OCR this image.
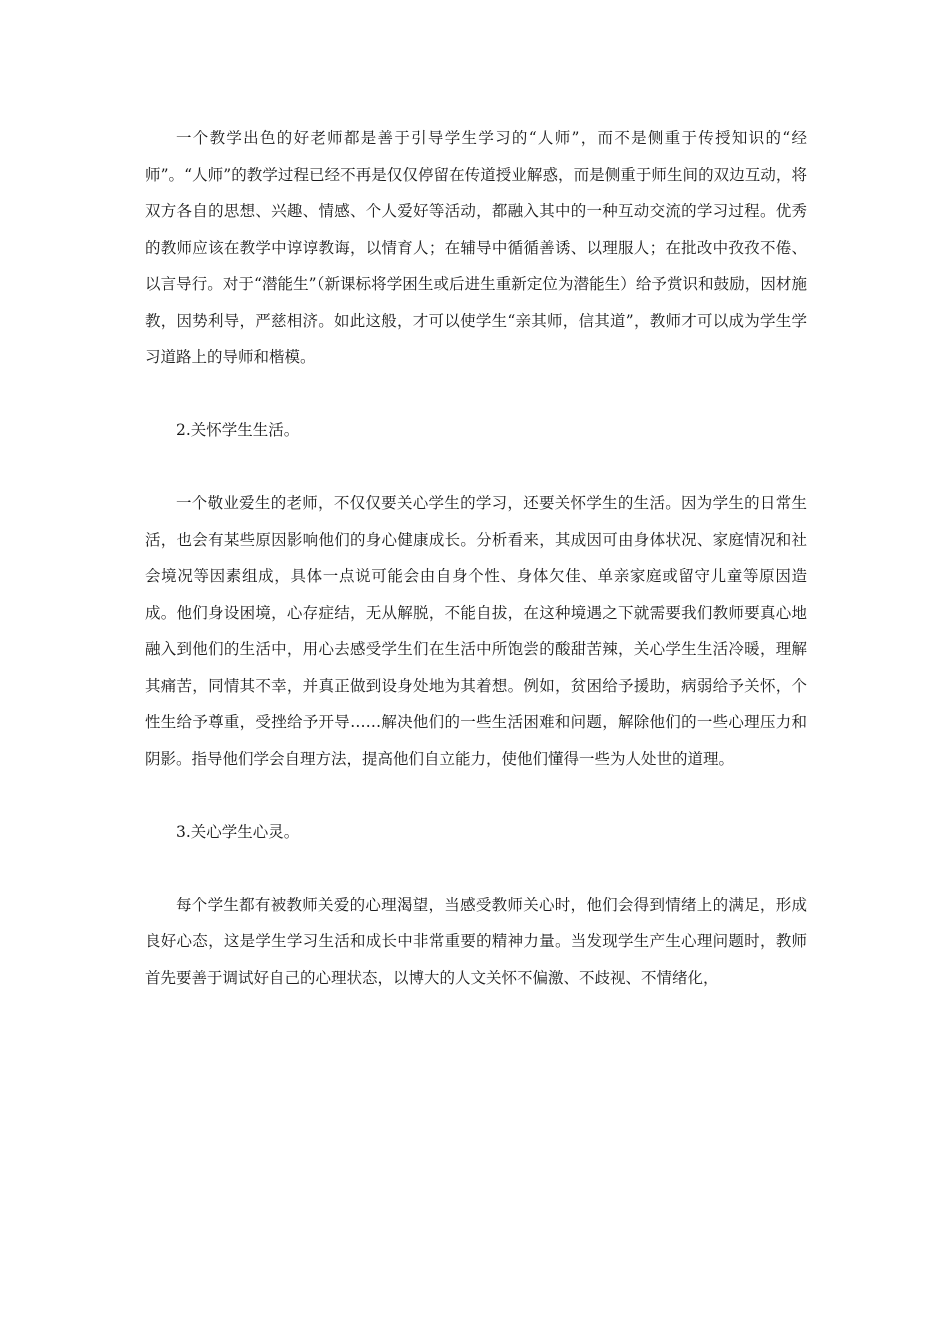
一个教学出色的好老师都是善于引导学生学习的“人师”，而不是侧重于传授知识的“经师”。“人师”的教学过程已经不再是仅仅停留在传道授业解惑，而是侧重于师生间的双边互动，将双方各自的思想、兴趣、情感、个人爱好等活动，都融入其中的一种互动交流的学习过程。优秀的教师应该在教学中谆谆教诲，以情育人；在辅导中循循善诱、以理服人；在批改中孜孜不倦、以言导行。对于“潜能生”（新课标将学困生或后进生重新定位为潜能生）给予赏识和鼓励，因材施教，因势利导，严慈相济。如此这般，才可以使学生“亲其师，信其道”，教师才可以成为学生学习道路上的导师和楷模。

2.关怀学生生活。

一个敬业爱生的老师，不仅仅要关心学生的学习，还要关怀学生的生活。因为学生的日常生活，也会有某些原因影响他们的身心健康成长。分析看来，其成因可由身体状况、家庭情况和社会境况等因素组成，具体一点说可能会由自身个性、身体欠佳、单亲家庭或留守儿童等原因造成。他们身设困境，心存症结，无从解脱，不能自拔，在这种境遇之下就需要我们教师要真心地融入到他们的生活中，用心去感受学生们在生活中所饱尝的酸甜苦辣，关心学生生活冷暖，理解其痛苦，同情其不幸，并真正做到设身处地为其着想。例如，贫困给予援助，病弱给予关怀，个性生给予尊重，受挫给予开导……解决他们的一些生活困难和问题，解除他们的一些心理压力和阴影。指导他们学会自理方法，提高他们自立能力，使他们懂得一些为人处世的道理。

3.关心学生心灵。

每个学生都有被教师关爱的心理渴望，当感受教师关心时，他们会得到情绪上的满足，形成良好心态，这是学生学习生活和成长中非常重要的精神力量。当发现学生产生心理问题时，教师首先要善于调试好自己的心理状态，以博大的人文关怀不偏激、不歧视、不情绪化，
